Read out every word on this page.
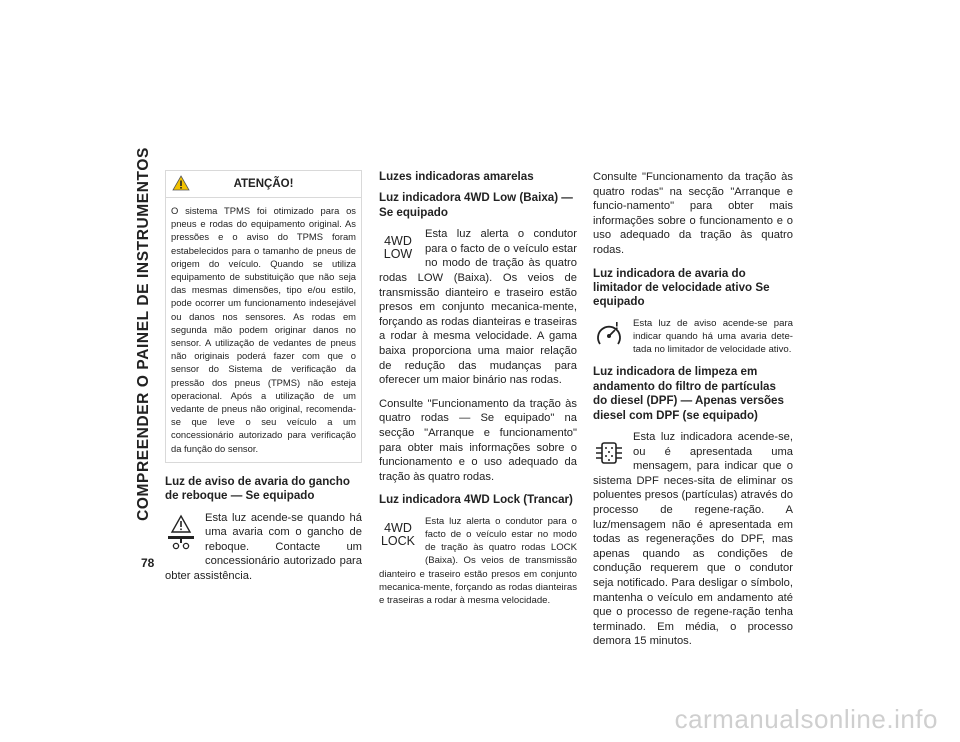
COMPREENDER O PAINEL DE INSTRUMENTOS
78
ATENÇÃO!
O sistema TPMS foi otimizado para os pneus e rodas do equipamento original. As pressões e o aviso do TPMS foram estabelecidos para o tamanho de pneus de origem do veículo. Quando se utiliza equipamento de substituição que não seja das mesmas dimensões, tipo e/ou estilo, pode ocorrer um funcionamento indesejável ou danos nos sensores. As rodas em segunda mão podem originar danos no sensor. A utilização de vedantes de pneus não originais poderá fazer com que o sensor do Sistema de verificação da pressão dos pneus (TPMS) não esteja operacional. Após a utilização de um vedante de pneus não original, recomenda-se que leve o seu veículo a um concessionário autorizado para verificação da função do sensor.
Luz de aviso de avaria do gancho de reboque — Se equipado

Esta luz acende-se quando há uma avaria com o gancho de reboque. Contacte um concessionário autorizado para obter assistência.

Luzes indicadoras amarelas
Luz indicadora 4WD Low (Baixa) — Se equipado
4WD
LOW

Esta luz alerta o condutor para o facto de o veículo estar no modo de tração às quatro rodas LOW (Baixa). Os veios de transmissão dianteiro e traseiro estão presos em conjunto mecanica-mente, forçando as rodas dianteiras e traseiras a rodar à mesma velocidade. A gama baixa proporciona uma maior relação de redução das mudanças para oferecer um maior binário nas rodas.

Consulte "Funcionamento da tração às quatro rodas — Se equipado" na secção "Arranque e funcionamento" para obter mais informações sobre o funcionamento e o uso adequado da tração às quatro rodas.

Luz indicadora 4WD Lock (Trancar)
4WD
LOCK

Esta luz alerta o condutor para o facto de o veículo estar no modo de tração às quatro rodas LOCK (Baixa). Os veios de transmissão dianteiro e traseiro estão presos em conjunto mecanica-mente, forçando as rodas dianteiras e traseiras a rodar à mesma velocidade.

Consulte "Funcionamento da tração às quatro rodas" na secção "Arranque e funcio-namento" para obter mais informações sobre o funcionamento e o uso adequado da tração às quatro rodas.

Luz indicadora de avaria do limitador de velocidade ativo Se equipado

Esta luz de aviso acende-se para indicar quando há uma avaria dete-tada no limitador de velocidade ativo.

Luz indicadora de limpeza em andamento do filtro de partículas do diesel (DPF) — Apenas versões diesel com DPF (se equipado)

Esta luz indicadora acende-se, ou é apresentada uma mensagem, para indicar que o sistema DPF neces-sita de eliminar os poluentes presos (partículas) através do processo de regene-ração. A luz/mensagem não é apresentada em todas as regenerações do DPF, mas apenas quando as condições de condução requerem que o condutor seja notificado. Para desligar o símbolo, mantenha o veículo em andamento até que o processo de regene-ração tenha terminado. Em média, o processo demora 15 minutos.

carmanualsonline.info
